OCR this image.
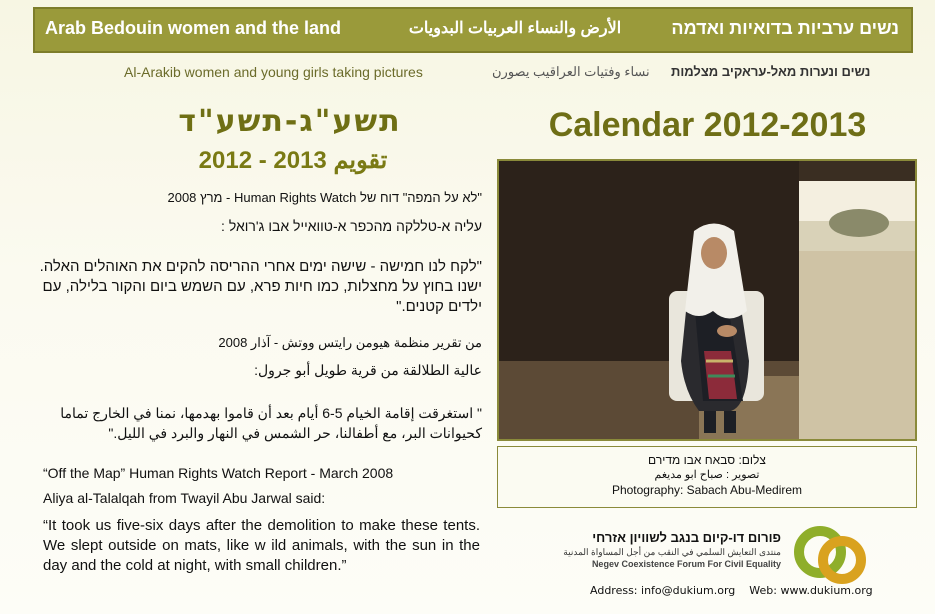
Arab Bedouin women and the land	الأرض والنساء العربيات البدويات	נשים ערביות בדואיות ואדמה
Al-Arakib women and young girls taking pictures	نساء وفتيات العراقيب يصورن נשים ונערות מאל-עראקיב מצלמות
תשע"ג-תשע"ד
تقويم 2013 - 2012
Calendar 2012-2013
"לא על המפה" דוח של Human Rights Watch - מרץ 2008
עליה א-טללקה מהכפר א-טוואייל אבו ג'רואל :
"לקח לנו חמישה - שישה ימים אחרי ההריסה להקים את האוהלים האלה. ישנו בחוץ על מחצלות, כמו חיות פרא, עם השמש ביום והקור בלילה, עם ילדים קטנים."
من تقرير منظمة هيومن رايتس ووتش - آذار 2008
عالية الطلالقة من قرية طويل أبو جرول:
" استغرقت إقامة الخيام 5-6 أيام بعد أن قاموا بهدمها، نمنا في الخارج تماما كحيوانات البر، مع أطفالنا، حر الشمس في النهار والبرد في الليل."
“Off the Map” Human Rights Watch Report - March 2008
Aliya al-Talalqah from Twayil Abu Jarwal said:
“It took us five-six days after the demolition to make these tents. We slept outside on mats, like w ild animals, with the sun in the day and the cold at night, with small children.”
צלום: סבאח אבו מדירם
تصوير : صباح ابو مديغم
Photography: Sabach Abu-Medirem
פורום דו-קיום בנגב לשוויון אזרחי
منتدى التعايش السلمي في النقب من أجل المساواة المدنية
Negev Coexistence Forum For Civil Equality
Address: info@dukium.org Web: www.dukium.org
